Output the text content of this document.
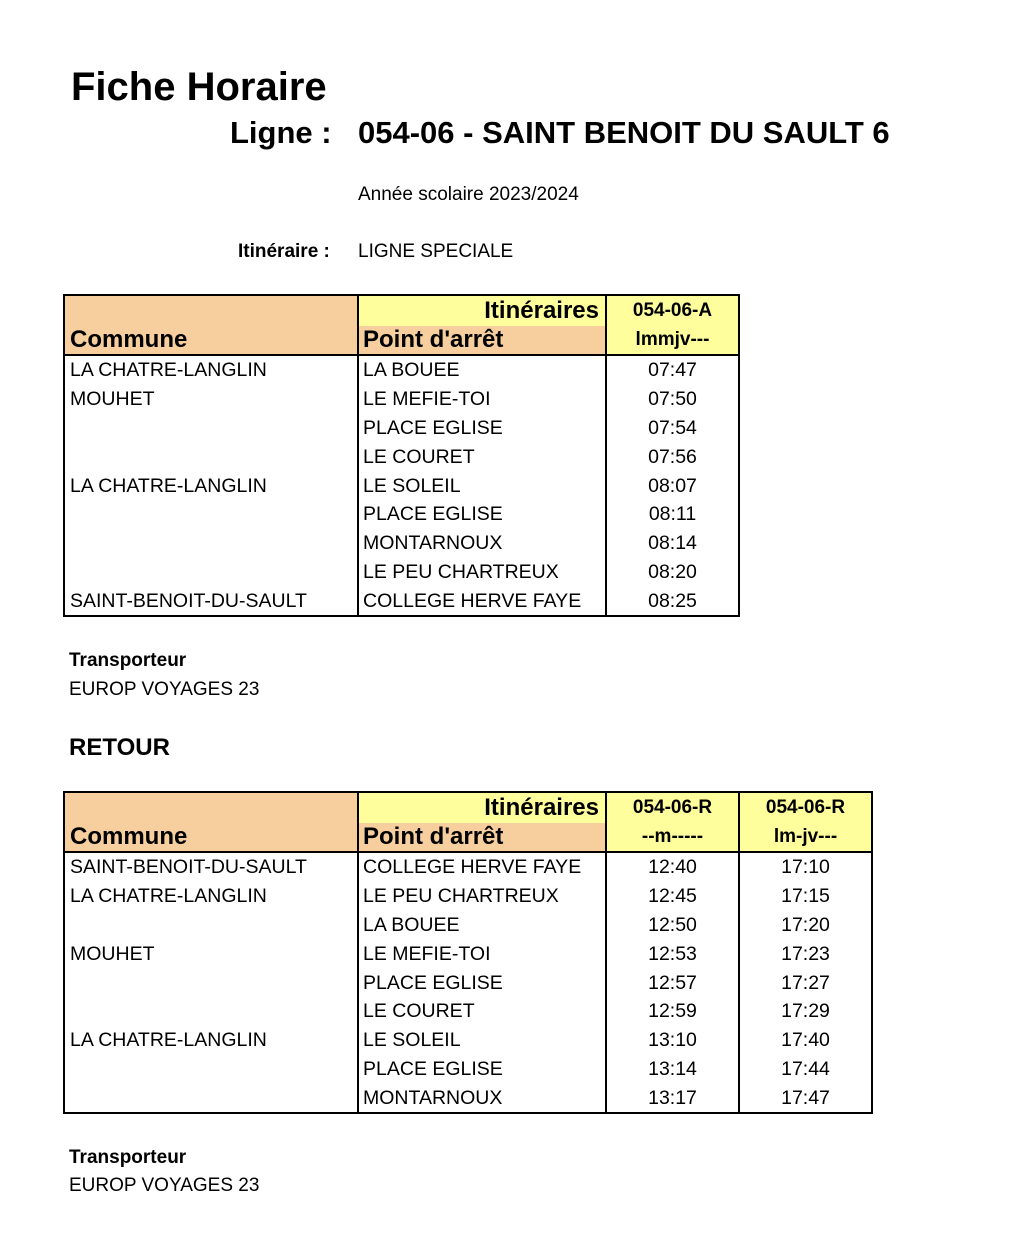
Fiche Horaire
Ligne : 054-06 - SAINT BENOIT DU SAULT 6
Année scolaire 2023/2024
Itinéraire : LIGNE SPECIALE
	Itinéraires	054-06-A
Commune	Point d'arrêt	lmmjv---
LA CHATRE-LANGLIN	LA BOUEE	07:47
MOUHET	LE MEFIE-TOI	07:50
	PLACE EGLISE	07:54
	LE COURET	07:56
LA CHATRE-LANGLIN	LE SOLEIL	08:07
	PLACE EGLISE	08:11
	MONTARNOUX	08:14
	LE PEU CHARTREUX	08:20
SAINT-BENOIT-DU-SAULT	COLLEGE HERVE FAYE	08:25
Transporteur
EUROP VOYAGES 23
RETOUR
	Itinéraires	054-06-R	054-06-R
Commune	Point d'arrêt	--m-----	lm-jv---
SAINT-BENOIT-DU-SAULT	COLLEGE HERVE FAYE	12:40	17:10
LA CHATRE-LANGLIN	LE PEU CHARTREUX	12:45	17:15
	LA BOUEE	12:50	17:20
MOUHET	LE MEFIE-TOI	12:53	17:23
	PLACE EGLISE	12:57	17:27
	LE COURET	12:59	17:29
LA CHATRE-LANGLIN	LE SOLEIL	13:10	17:40
	PLACE EGLISE	13:14	17:44
	MONTARNOUX	13:17	17:47
Transporteur
EUROP VOYAGES 23
